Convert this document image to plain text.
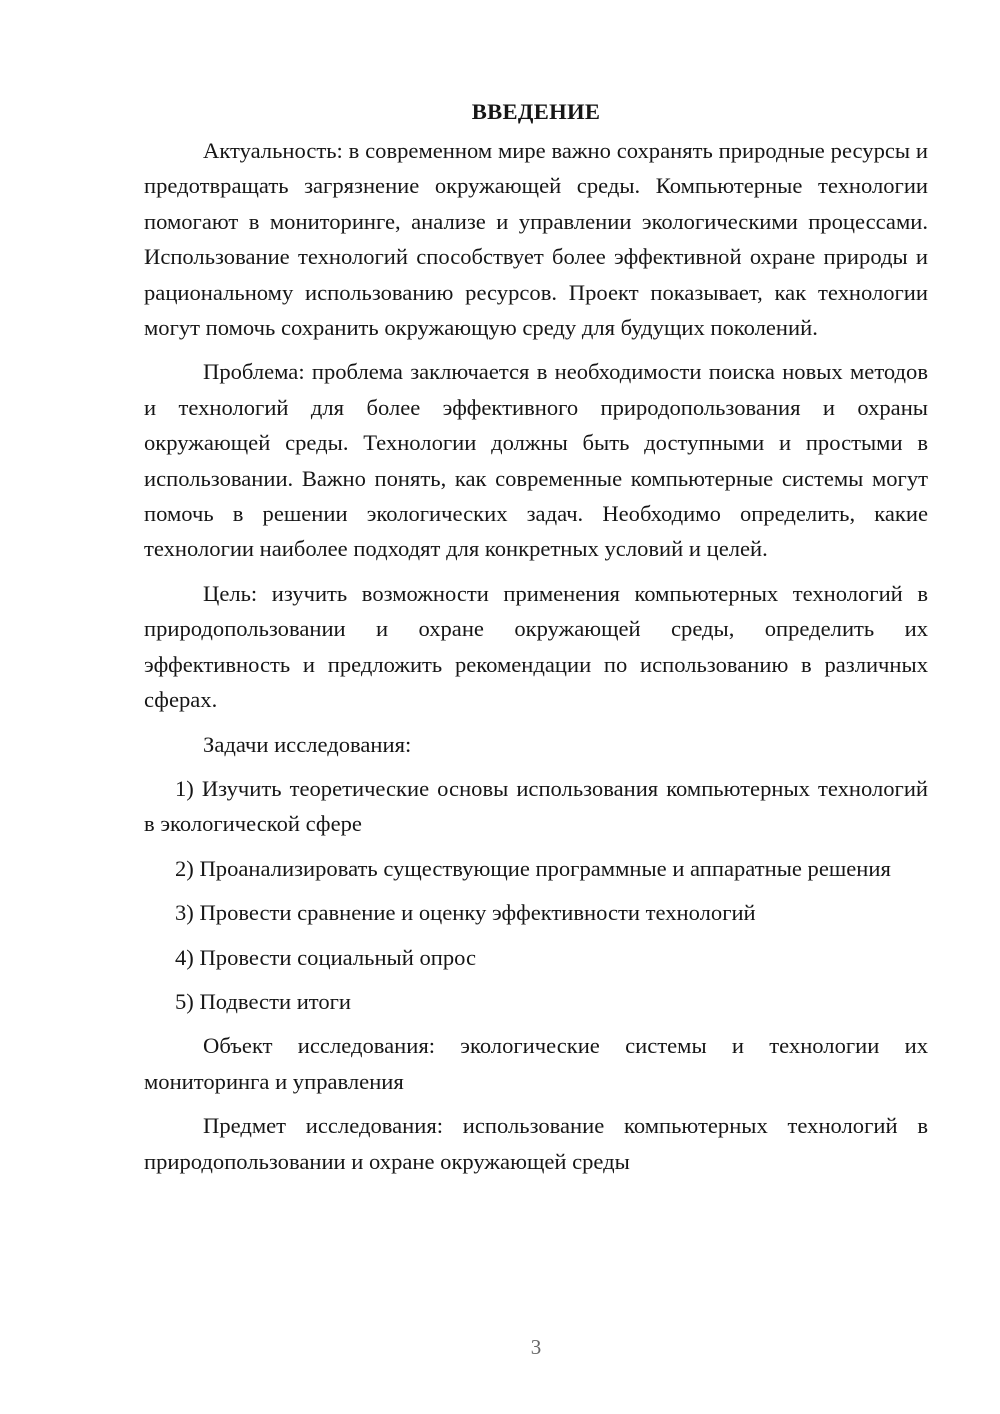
ВВЕДЕНИЕ

Актуальность: в современном мире важно сохранять природные ресурсы и предотвращать загрязнение окружающей среды. Компьютерные технологии помогают в мониторинге, анализе и управлении экологическими процессами. Использование технологий способствует более эффективной охране природы и рациональному использованию ресурсов. Проект показывает, как технологии могут помочь сохранить окружающую среду для будущих поколений.

Проблема: проблема заключается в необходимости поиска новых методов и технологий для более эффективного природопользования и охраны окружающей среды. Технологии должны быть доступными и простыми в использовании. Важно понять, как современные компьютерные системы могут помочь в решении экологических задач. Необходимо определить, какие технологии наиболее подходят для конкретных условий и целей.

Цель: изучить возможности применения компьютерных технологий в природопользовании и охране окружающей среды, определить их эффективность и предложить рекомендации по использованию в различных сферах.

Задачи исследования:

1) Изучить теоретические основы использования компьютерных технологий в экологической сфере

2) Проанализировать существующие программные и аппаратные решения

3) Провести сравнение и оценку эффективности технологий

4) Провести социальный опрос

5) Подвести итоги

Объект исследования: экологические системы и технологии их мониторинга и управления

Предмет исследования: использование компьютерных технологий в природопользовании и охране окружающей среды

3
